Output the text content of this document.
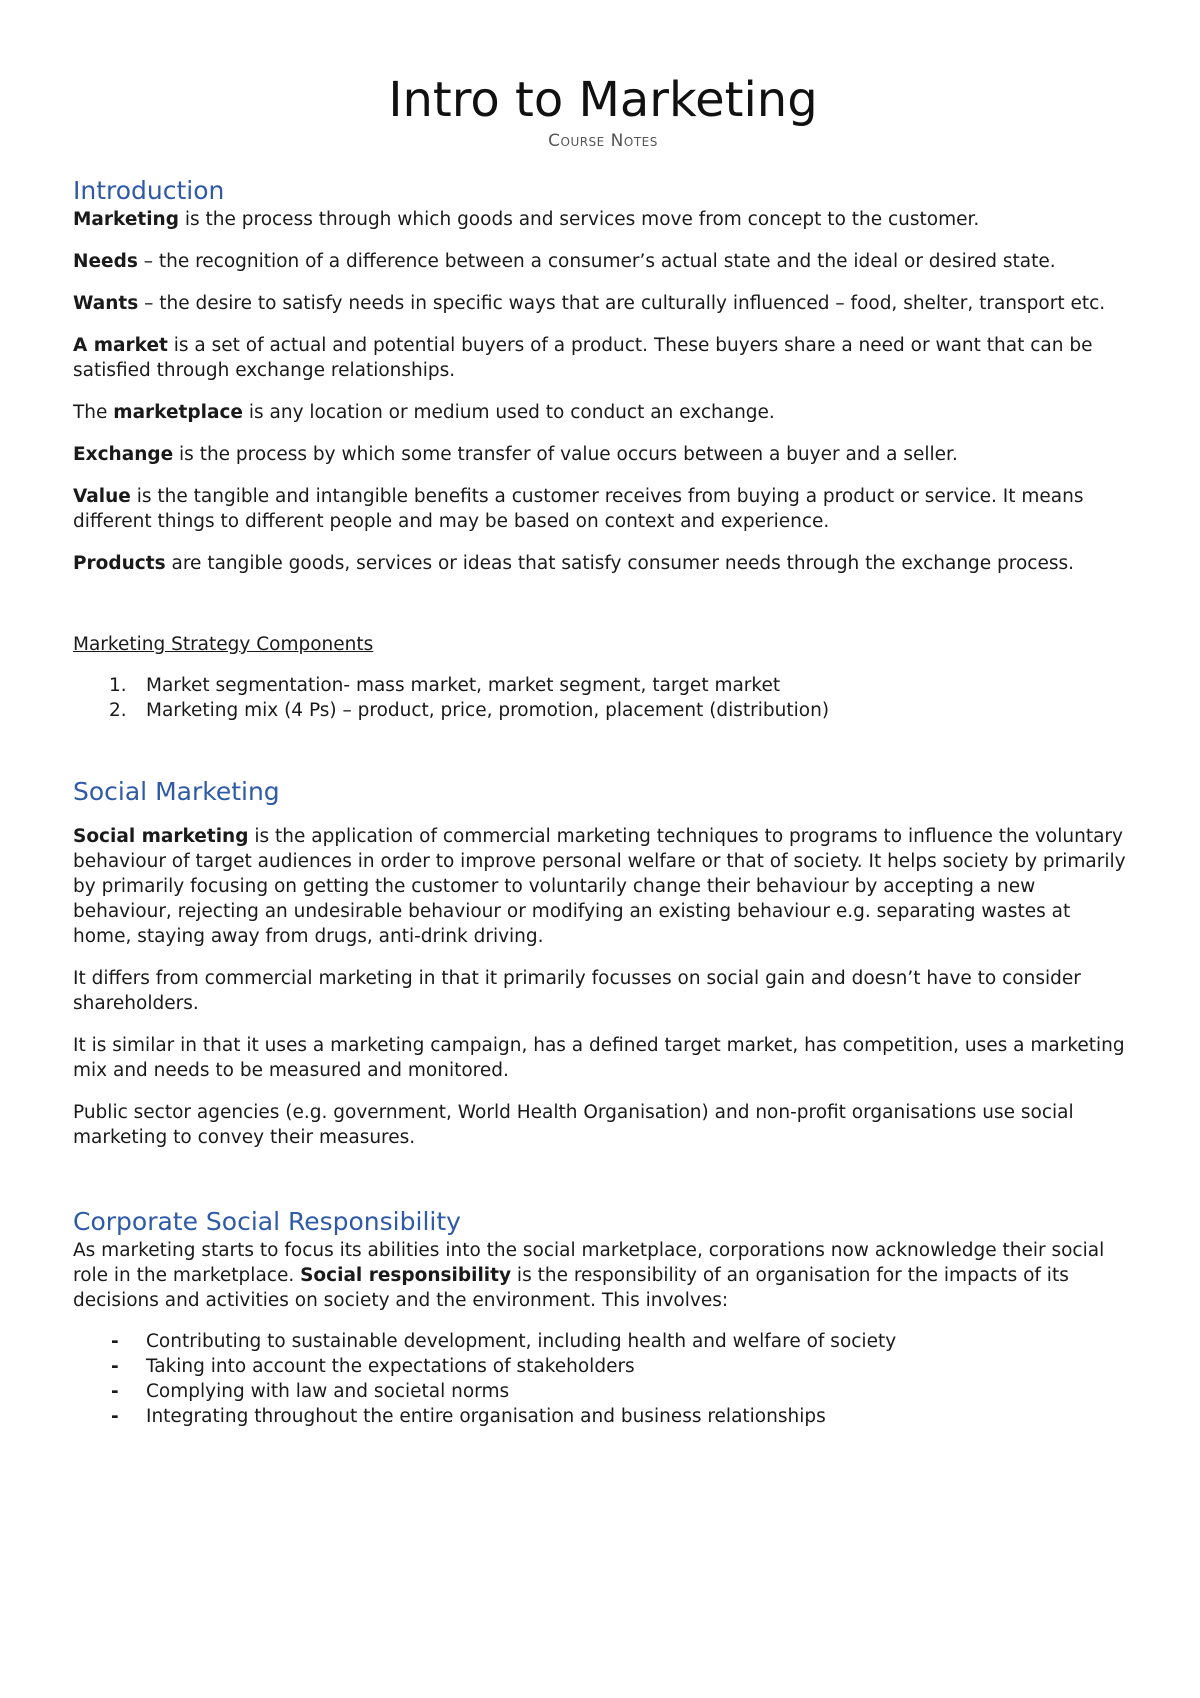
Intro to Marketing
Course Notes
Introduction

Marketing is the process through which goods and services move from concept to the customer.

Needs – the recognition of a difference between a consumer’s actual state and the ideal or desired state.

Wants – the desire to satisfy needs in specific ways that are culturally influenced – food, shelter, transport etc.

A market is a set of actual and potential buyers of a product. These buyers share a need or want that can be satisfied through exchange relationships.

The marketplace is any location or medium used to conduct an exchange.

Exchange is the process by which some transfer of value occurs between a buyer and a seller.

Value is the tangible and intangible benefits a customer receives from buying a product or service. It means different things to different people and may be based on context and experience.

Products are tangible goods, services or ideas that satisfy consumer needs through the exchange process.

Marketing Strategy Components

1. Market segmentation- mass market, market segment, target market
2. Marketing mix (4 Ps) – product, price, promotion, placement (distribution)
Social Marketing

Social marketing is the application of commercial marketing techniques to programs to influence the voluntary behaviour of target audiences in order to improve personal welfare or that of society. It helps society by primarily by primarily focusing on getting the customer to voluntarily change their behaviour by accepting a new behaviour, rejecting an undesirable behaviour or modifying an existing behaviour e.g. separating wastes at home, staying away from drugs, anti-drink driving.

It differs from commercial marketing in that it primarily focusses on social gain and doesn’t have to consider shareholders.

It is similar in that it uses a marketing campaign, has a defined target market, has competition, uses a marketing mix and needs to be measured and monitored.

Public sector agencies (e.g. government, World Health Organisation) and non-profit organisations use social marketing to convey their measures.

Corporate Social Responsibility

As marketing starts to focus its abilities into the social marketplace, corporations now acknowledge their social role in the marketplace. Social responsibility is the responsibility of an organisation for the impacts of its decisions and activities on society and the environment. This involves:

- Contributing to sustainable development, including health and welfare of society
- Taking into account the expectations of stakeholders
- Complying with law and societal norms
- Integrating throughout the entire organisation and business relationships
